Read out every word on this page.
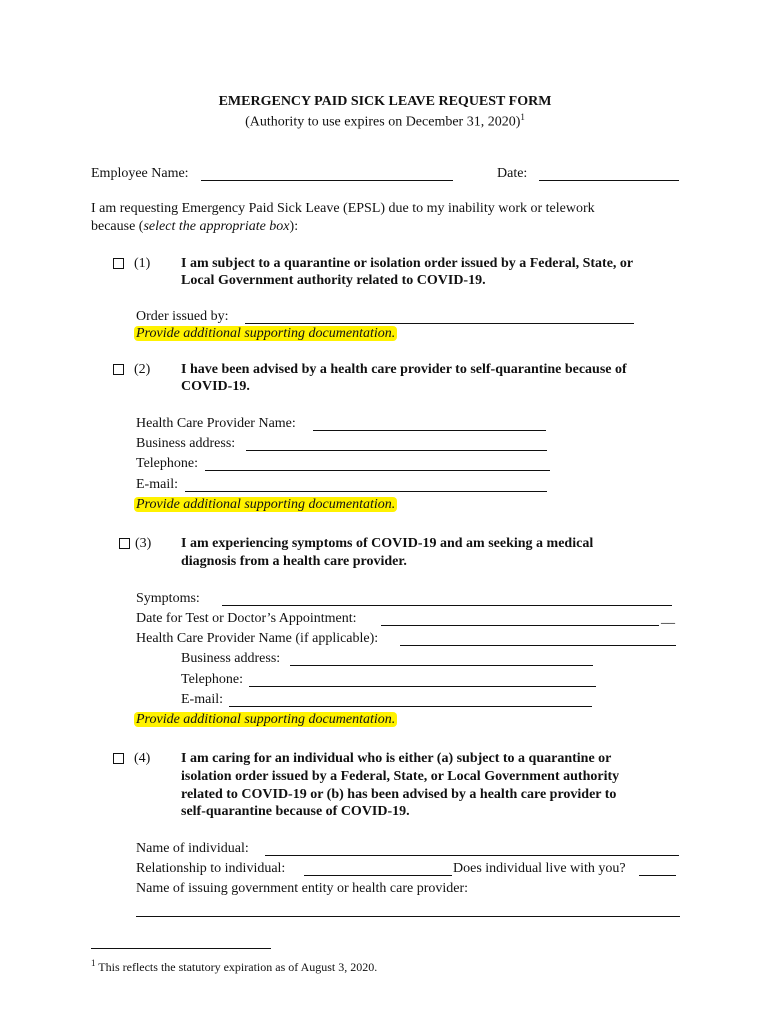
EMERGENCY PAID SICK LEAVE REQUEST FORM
(Authority to use expires on December 31, 2020)$^1$
Employee Name:	Date:
I am requesting Emergency Paid Sick Leave (EPSL) due to my inability work or telework
because (select the appropriate box):
(1) I am subject to a quarantine or isolation order issued by a Federal, State, or
Local Government authority related to COVID-19.
Order issued by:
Provide additional supporting documentation.
(2) I have been advised by a health care provider to self-quarantine because of
COVID-19.
Health Care Provider Name:
Business address:
Telephone:
E-mail:
Provide additional supporting documentation.
(3) I am experiencing symptoms of COVID-19 and am seeking a medical
diagnosis from a health care provider.
Symptoms:
Date for Test or Doctor’s Appointment:	__
Health Care Provider Name (if applicable):
Business address:
Telephone:
E-mail:
Provide additional supporting documentation.
(4) I am caring for an individual who is either (a) subject to a quarantine or
isolation order issued by a Federal, State, or Local Government authority
related to COVID-19 or (b) has been advised by a health care provider to
self-quarantine because of COVID-19.
Name of individual:
Relationship to individual:	Does individual live with you?
Name of issuing government entity or health care provider:
$^1$ This reflects the statutory expiration as of August 3, 2020.
